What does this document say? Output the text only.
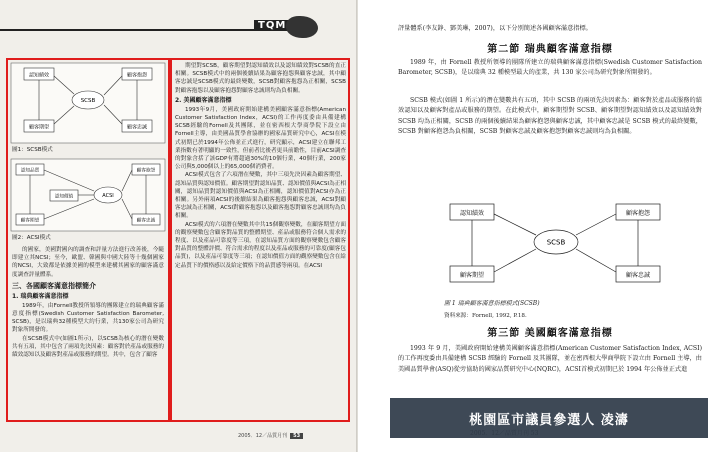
TQM
認知績效
顧客期望
顧客抱怨
顧客忠誠
SCSB
圖1：SCSB模式
認知品質
認知價值
顧客期望
ACSI
顧客抱怨
顧客忠誠
圖2：ACSI模式

的國家，美國對國內的調查和評量方法進行改善後，今隨即建立其NCSI；至今，歐盟、韓國與中國大陸等十幾個國家的NCSI，大致都是依據美國的模型來建構其國家的顧客滿意度調查評量體系。

三、各國顧客滿意指標簡介
1. 瑞典顧客滿意指標

1989年，由Fornell教授所領導的團隊建立的瑞典顧客滿意度指標(Swedish Customer Satisfaction Barometer, SCSB)，是以瑞典32種模型大約行業，共130家公司為研究對象所開發的。

在SCSB模式中(如圖1所示)，以SCSB為核心的潛在變數共有五項，其中包含了兩項先決因素：顧客對於產品或服務的績效認知以及顧客對產品或服務的期望。其中，包含了顧客

期望對SCSB，顧客期望對認知績效以及認知績效對SCSB的直正相關。SCSB模式中的兩個後續結果為顧客抱怨與顧客忠誠，其中顧客忠誠是SCSB模式的最終變數，SCSB對顧客抱怨為正相關，SCSB對顧客抱怨以及顧客抱怨對顧客忠誠則均為負相關。

2. 美國顧客滿意指標

1993年9月，美國政府開始建構美國顧客滿意指標(American Customer Satisfaction Index，ACSI)的工作再度委由具備建構SCSB經驗的Fornell及其團隊，並在密西根大學商學院下設立由Fornell主導，由美國品質學會協辦的國家品質研究中心，ACSI在模式初期已於1994年公佈並正式進行，研究顯示，ACSI建立在聯邦工業指數有著明顯的一致性，但前者比後者更具前瞻性，目前ACSI調查的對象含括了該GDP有將超過30%的10個行業，40個行業，200家公司與5,000個以上的65,000個消費者。

ACSI模式包含了六項潛在變數，其中三項先決因素為顧客期望、認知品質與認知價值。顧客期望對認知品質、認知價值與ACSI為正相關，認知品質對認知價值與ACSI為正相關，認知價值對ACSI亦為正相關。另外兩項ACSI的後續結果為顧客抱怨與顧客忠誠，ACSI對顧客忠誠為正相關，ACSI對顧客抱怨以及顧客抱怨對顧客忠誠則均為負相關。

ACSI模式的六項潛在變數其中共15個觀察變數，在顧客期望方面的觀察變數包含顧客對品質的整體期望、產品或服務符合個人需求的程度、以及產品可靠度等三項，在認知品質方面的觀察變數包含顧客對品質的整體評價、符合需求的程度以及產品或服務的可靠度(顧客包品質)，以及產品可靠度等三項；在認知價值方面的觀察變數包含在給定品質下的價格感以及給定價格下的品質感等兩項。在ACSI

2005．12／品質月刊 53

評量體系(李友錚、鄧美琳，2007)，以下分別簡述各國顧客滿意指標。

第二節 瑞典顧客滿意指標

1989 年，由 Fornell 教授所領導的團隊所建立的瑞典顧客滿意指標(Swedish Customer Satisfaction Barometer, SCSB)，是以瑞典 32 種模型最大的產業，共 130 家公司為研究對象所開發的。

SCSB 模式(如圖 1 所示)的潛在變數共有五項，其中 SCSB 的兩項先決因素為：顧客對於產品或服務的績效認知以及顧客對產品或服務的期望。在此模式中，顧客期望對 SCSB、顧客期望對認知績效以及認知績效對 SCSB 均為正相關，SCSB 的兩個後續結果為顧客抱怨與顧客忠誠，其中顧客忠誠是 SCSB 模式的最終變數，SCSB 對顧客抱怨為負相關，SCSB 對顧客忠誠及顧客抱怨對顧客忠誠則均為負相關。

認知績效	顧客抱怨
顧客期望	顧客忠誠
SCSB
圖 1 瑞典顧客滿意指標模式(SCSB)
資料來源：Fornell, 1992, P.18.
第三節 美國顧客滿意指標

1993 年 9 月，美國政府開始建構美國顧客滿意指標(American Customer Satisfaction Index, ACSI)的工作再度委由具備建構 SCSB 經驗的 Fornell 及其團隊，並在密西根大學商學院下設立由 Fornell 主導，由美國品質學會(ASQ)從旁協助的國家品質研究中心(NQRC)，ACSI首模式初期已於 1994 年公佈並正式進

桃園區市議員參選人 凌濤
